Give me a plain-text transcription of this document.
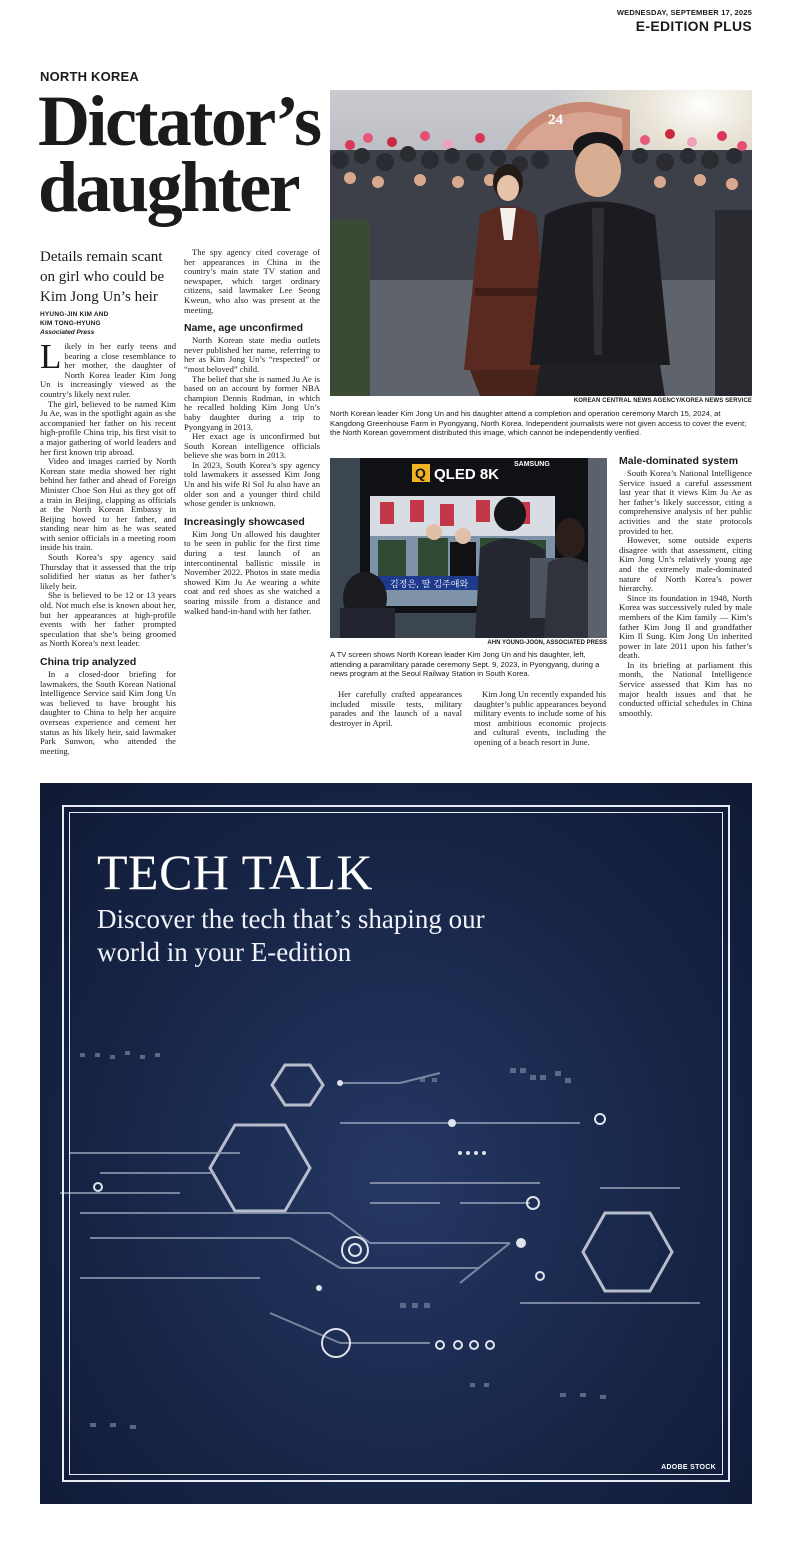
WEDNESDAY, SEPTEMBER 17, 2025
E-EDITION PLUS
NORTH KOREA
Dictator’s
daughter
Details remain scant on girl who could be Kim Jong Un’s heir
HYUNG-JIN KIM AND
KIM TONG-HYUNG
Associated Press

Likely in her early teens and bearing a close resemblance to her mother, the daughter of North Korea leader Kim Jong Un is increasingly viewed as the country’s likely next ruler.

The girl, believed to be named Kim Ju Ae, was in the spotlight again as she accompanied her father on his recent high-profile China trip, his first visit to a major gathering of world leaders and her first known trip abroad.

Video and images carried by North Korean state media showed her right behind her father and ahead of Foreign Minister Choe Son Hui as they got off a train in Beijing, clapping as officials at the North Korean Embassy in Beijing bowed to her father, and standing near him as he was seated with senior officials in a meeting room inside his train.

South Korea’s spy agency said Thursday that it assessed that the trip solidified her status as her father’s likely heir.

She is believed to be 12 or 13 years old. Not much else is known about her, but her appearances at high-profile events with her father prompted speculation that she’s being groomed as North Korea’s next leader.

China trip analyzed

In a closed-door briefing for lawmakers, the South Korean National Intelligence Service said Kim Jong Un was believed to have brought his daughter to China to help her acquire overseas experience and cement her status as his likely heir, said lawmaker Park Sunwon, who attended the meeting.

The spy agency cited coverage of her appearances in China in the country’s main state TV station and newspaper, which target ordinary citizens, said lawmaker Lee Seong Kweun, who also was present at the meeting.

Name, age unconfirmed

North Korean state media outlets never published her name, referring to her as Kim Jong Un’s “respected” or “most beloved” child.

The belief that she is named Ju Ae is based on an account by former NBA champion Dennis Rodman, in which he recalled holding Kim Jong Un’s baby daughter during a trip to Pyongyang in 2013.

Her exact age is unconfirmed but South Korean intelligence officials believe she was born in 2013.

In 2023, South Korea’s spy agency told lawmakers it assessed Kim Jong Un and his wife Ri Sol Ju also have an older son and a younger third child whose gender is unknown.

Increasingly showcased

Kim Jong Un allowed his daughter to be seen in public for the first time during a test launch of an intercontinental ballistic missile in November 2022. Photos in state media showed Kim Ju Ae wearing a white coat and red shoes as she watched a soaring missile from a distance and walked hand-in-hand with her father.

Her carefully crafted appearances included missile tests, military parades and the launch of a naval destroyer in April.

Kim Jong Un recently expanded his daughter’s public appearances beyond military events to include some of his most ambitious economic projects and cultural events, including the opening of a beach resort in June.

Male-dominated system

South Korea’s National Intelligence Service issued a careful assessment last year that it views Kim Ju Ae as her father’s likely successor, citing a comprehensive analysis of her public activities and the state protocols provided to her.

However, some outside experts disagree with that assessment, citing Kim Jong Un’s relatively young age and the extremely male-dominated nature of North Korea’s power hierarchy.

Since its foundation in 1948, North Korea was successively ruled by male members of the Kim family — Kim’s father Kim Jong Il and grandfather Kim Il Sung. Kim Jong Un inherited power in late 2011 upon his father’s death.

In its briefing at parliament this month, the National Intelligence Service assessed that Kim has no major health issues and that he conducted official schedules in China smoothly.

24
KOREAN CENTRAL NEWS AGENCY/KOREA NEWS SERVICE
North Korean leader Kim Jong Un and his daughter attend a completion and operation ceremony March 15, 2024, at Kangdong Greenhouse Farm in Pyongyang, North Korea. Independent journalists were not given access to cover the event; the North Korean government distributed this image, which cannot be independently verified.
Q QLED 8K
SAMSUNG
김정은, 딸 김주애와
AHN YOUNG-JOON, ASSOCIATED PRESS
A TV screen shows North Korean leader Kim Jong Un and his daughter, left, attending a paramilitary parade ceremony Sept. 9, 2023, in Pyongyang, during a news program at the Seoul Railway Station in South Korea.
TECH TALK
Discover the tech that’s shaping our world in your E-edition
ADOBE STOCK
